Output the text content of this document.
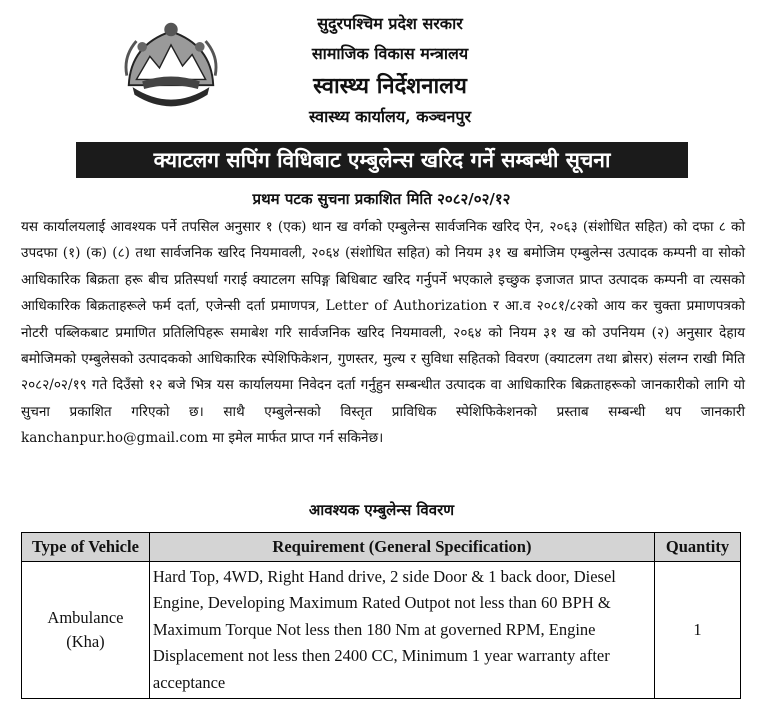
सुदुरपश्चिम प्रदेश सरकार
सामाजिक विकास मन्त्रालय
स्वास्थ्य निर्देशनालय
स्वास्थ्य कार्यालय, कञ्चनपुर
क्याटलग सपिंग विधिबाट एम्बुलेन्स खरिद गर्ने सम्बन्धी सूचना
प्रथम पटक सुचना प्रकाशित मिति २०८२/०२/१२

यस कार्यालयलाई आवश्यक पर्ने तपसिल अनुसार १ (एक) थान ख वर्गको एम्बुलेन्स सार्वजनिक खरिद ऐन, २०६३ (संशोधित सहित) को दफा ८ को उपदफा (१) (क) (८) तथा सार्वजनिक खरिद नियमावली, २०६४ (संशोधित सहित) को नियम ३१ ख बमोजिम एम्बुलेन्स उत्पादक कम्पनी वा सोको आधिकारिक बिक्रता हरू बीच प्रतिस्पर्धा गराई क्याटलग सपिङ्ग बिधिबाट खरिद गर्नुपर्ने भएकाले इच्छुक इजाजत प्राप्त उत्पादक कम्पनी वा त्यसको आधिकारिक बिक्रताहरूले फर्म दर्ता, एजेन्सी दर्ता प्रमाणपत्र, Letter of Authorization र आ.व २०८१/८२को आय कर चुक्ता प्रमाणपत्रको नोटरी पब्लिकबाट प्रमाणित प्रतिलिपिहरू समाबेश गरि सार्वजनिक खरिद नियमावली, २०६४ को नियम ३१ ख को उपनियम (२) अनुसार देहाय बमोजिमको एम्बुलेसको उत्पादकको आधिकारिक स्पेशिफिकेशन, गुणस्तर, मुल्य र सुविधा सहितको विवरण (क्याटलग तथा ब्रोसर) संलग्न राखी मिति २०८२/०२/१९ गते दिउँसो १२ बजे भित्र यस कार्यालयमा निवेदन दर्ता गर्नुहुन सम्बन्धीत उत्पादक वा आधिकारिक बिक्रताहरूको जानकारीको लागि यो सुचना प्रकाशित गरिएको छ। साथै एम्बुलेन्सको विस्तृत प्राविधिक स्पेशिफिकेशनको प्रस्ताब सम्बन्धी थप जानकारी kanchanpur.ho@gmail.com मा इमेल मार्फत प्राप्त गर्न सकिनेछ।

आवश्यक एम्बुलेन्स विवरण
Type of Vehicle	Requirement (General Specification)	Quantity
Ambulance
(Kha)	Hard Top, 4WD, Right Hand drive, 2 side Door & 1 back door, Diesel Engine, Developing Maximum Rated Outpot not less than 60 BPH & Maximum Torque Not less then 180 Nm at governed RPM, Engine Displacement not less then 2400 CC, Minimum 1 year warranty after acceptance	1
